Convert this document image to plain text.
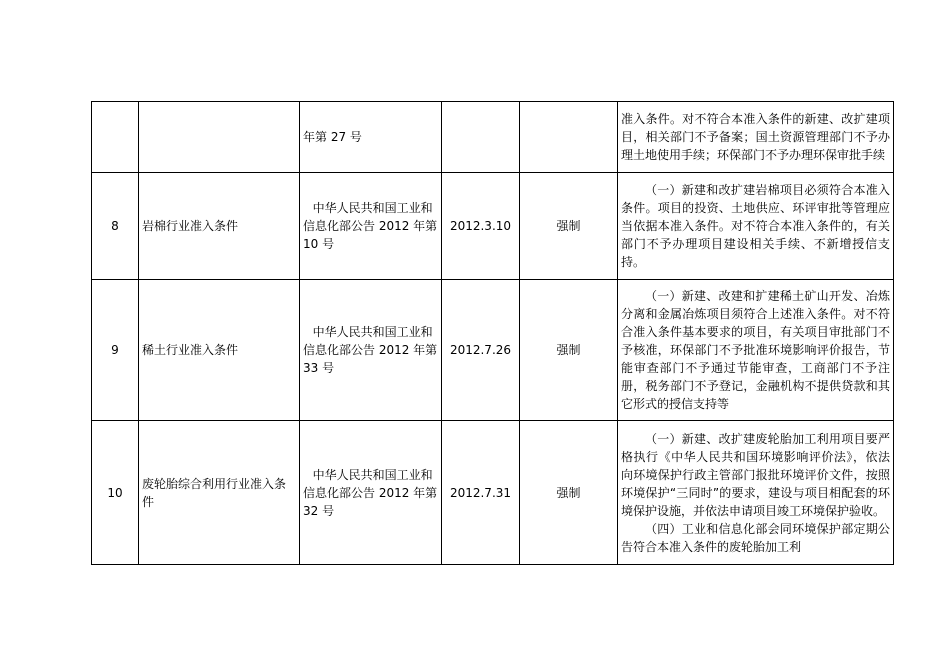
		年第 27 号			准入条件。对不符合本准入条件的新建、改扩建项目，相关部门不予备案；国土资源管理部门不予办理土地使用手续；环保部门不予办理环保审批手续
8	岩棉行业准入条件	中华人民共和国工业和信息化部公告 2012 年第 10 号	2012.3.10	强制	（一）新建和改扩建岩棉项目必须符合本准入条件。项目的投资、土地供应、环评审批等管理应当依据本准入条件。对不符合本准入条件的，有关部门不予办理项目建设相关手续、不新增授信支持。

9	稀土行业准入条件	中华人民共和国工业和信息化部公告 2012 年第 33 号	2012.7.26	强制	（一）新建、改建和扩建稀土矿山开发、冶炼分离和金属冶炼项目须符合上述准入条件。对不符合准入条件基本要求的项目，有关项目审批部门不予核准，环保部门不予批准环境影响评价报告，节能审查部门不予通过节能审查，工商部门不予注册，税务部门不予登记，金融机构不提供贷款和其它形式的授信支持等

10	废轮胎综合利用行业准入条件	中华人民共和国工业和信息化部公告 2012 年第 32 号	2012.7.31	强制	（一）新建、改扩建废轮胎加工利用项目要严格执行《中华人民共和国环境影响评价法》，依法向环境保护行政主管部门报批环境评价文件，按照环境保护“三同时”的要求，建设与项目相配套的环境保护设施，并依法申请项目竣工环境保护验收。
（四）工业和信息化部会同环境保护部定期公告符合本准入条件的废轮胎加工利
